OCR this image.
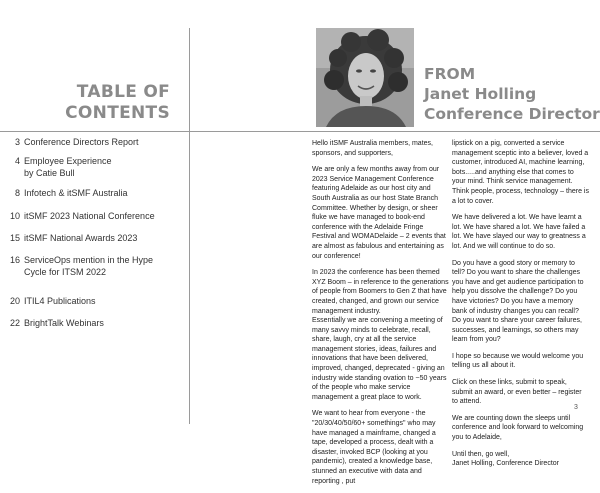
TABLE OF
CONTENTS
3 Conference Directors Report
4 Employee Experience
by Catie Bull
8 Infotech & itSMF Australia
10 itSMF 2023 National Conference
15 itSMF National Awards 2023
16 ServiceOps mention in the Hype
Cycle for ITSM 2022
20 ITIL4 Publications
22 BrightTalk Webinars
FROM
Janet Holling
Conference Director

Hello itSMF Australia members, mates, sponsors, and supporters,

We are only a few months away from our 2023 Service Management Conference featuring Adelaide as our host city and South Australia as our host State Branch Committee. Whether by design, or sheer fluke we have managed to book-end conference with the Adelaide Fringe Festival and WOMADelaide – 2 events that are almost as fabulous and entertaining as our conference!

In 2023 the conference has been themed XYZ Boom – in reference to the generations of people from Boomers to Gen Z that have created, changed, and grown our service management industry.
Essentially we are convening a meeting of many savvy minds to celebrate, recall, share, laugh, cry at all the service management stories, ideas, failures and innovations that have been delivered, improved, changed, deprecated - giving an industry wide standing ovation to ~50 years of the people who make service management a great place to work.

We want to hear from everyone - the "20/30/40/50/60+ somethings" who may have managed a mainframe, changed a tape, developed a process, dealt with a disaster, invoked BCP (looking at you pandemic), created a knowledge base, stunned an executive with data and reporting , put

lipstick on a pig, converted a service management sceptic into a believer, loved a customer, introduced AI, machine learning, bots.....and anything else that comes to your mind. Think service management. Think people, process, technology – there is a lot to cover.

We have delivered a lot. We have learnt a lot. We have shared a lot. We have failed a lot. We have slayed our way to greatness a lot. And we will continue to do so.

Do you have a good story or memory to tell? Do you want to share the challenges you have and get audience participation to help you dissolve the challenge? Do you have victories? Do you have a memory bank of industry changes you can recall? Do you want to share your career failures, successes, and learnings, so others may learn from you?

I hope so because we would welcome you telling us all about it.

Click on these links, submit to speak, submit an award, or even better – register to attend.

We are counting down the sleeps until conference and look forward to welcoming you to Adelaide,

Until then, go well,
Janet Holling, Conference Director

3
